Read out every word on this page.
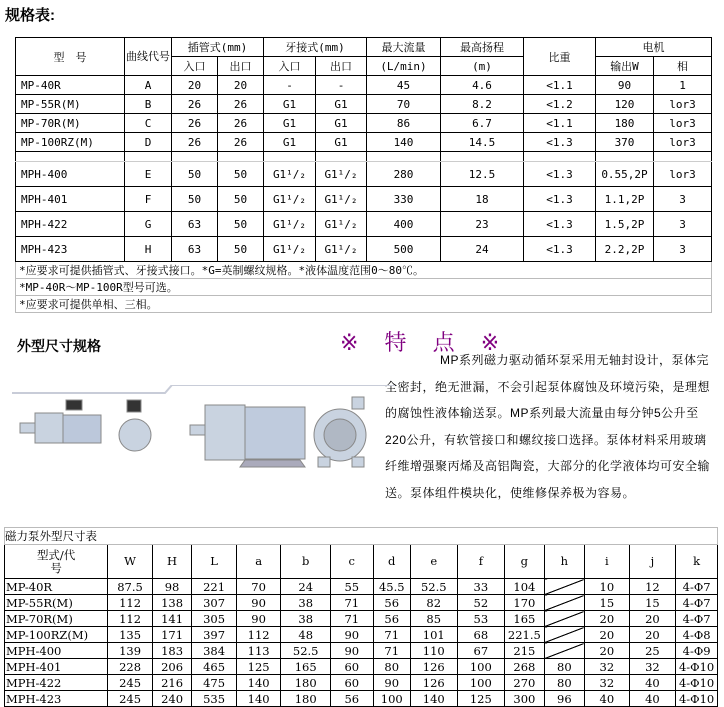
规格表:
型　号	曲线代号	插管式(mm)	牙接式(mm)	最大流量	最高扬程	比重	电机
入口	出口	入口	出口	(L/min)	(m)	输出W	相
MP-40R	A	20	20	-	-	45	4.6	<1.1	90	1
MP-55R(M)	B	26	26	G1	G1	70	8.2	<1.2	120	lor3
MP-70R(M)	C	26	26	G1	G1	86	6.7	<1.1	180	lor3
MP-100RZ(M)	D	26	26	G1	G1	140	14.5	<1.3	370	lor3

MPH-400	E	50	50	G1¹/₂	G1¹/₂	280	12.5	<1.3	0.55,2P	lor3
MPH-401	F	50	50	G1¹/₂	G1¹/₂	330	18	<1.3	1.1,2P	3
MPH-422	G	63	50	G1¹/₂	G1¹/₂	400	23	<1.3	1.5,2P	3
MPH-423	H	63	50	G1¹/₂	G1¹/₂	500	24	<1.3	2.2,2P	3
*应要求可提供插管式、牙接式接口。*G=英制螺纹规格。*液体温度范围0～80℃。
*MP-40R～MP-100R型号可选。
*应要求可提供单相、三相。
外型尺寸规格	※ 特 点 ※
MP系列磁力驱动循环泵采用无轴封设计，泵体完全密封，绝无泄漏，不会引起泵体腐蚀及环境污染，是理想的腐蚀性液体输送泵。MP系列最大流量由每分钟5公升至220公升，有软管接口和螺纹接口选择。泵体材料采用玻璃纤维增强聚丙烯及高铝陶瓷，大部分的化学液体均可安全输送。泵体组件模块化，使维修保养极为容易。
磁力泵外型尺寸表
型式/代号	W	H	L	a	b	c	d	e	f	g	h	i	j	k
MP-40R	87.5	98	221	70	24	55	45.5	52.5	33	104		10	12	4-Φ7
MP-55R(M)	112	138	307	90	38	71	56	82	52	170		15	15	4-Φ7
MP-70R(M)	112	141	305	90	38	71	56	85	53	165		20	20	4-Φ7
MP-100RZ(M)	135	171	397	112	48	90	71	101	68	221.5		20	20	4-Φ8
MPH-400	139	183	384	113	52.5	90	71	110	67	215		20	25	4-Φ9
MPH-401	228	206	465	125	165	60	80	126	100	268	80	32	32	4-Φ10
MPH-422	245	216	475	140	180	60	90	126	100	270	80	32	40	4-Φ10
MPH-423	245	240	535	140	180	56	100	140	125	300	96	40	40	4-Φ10
